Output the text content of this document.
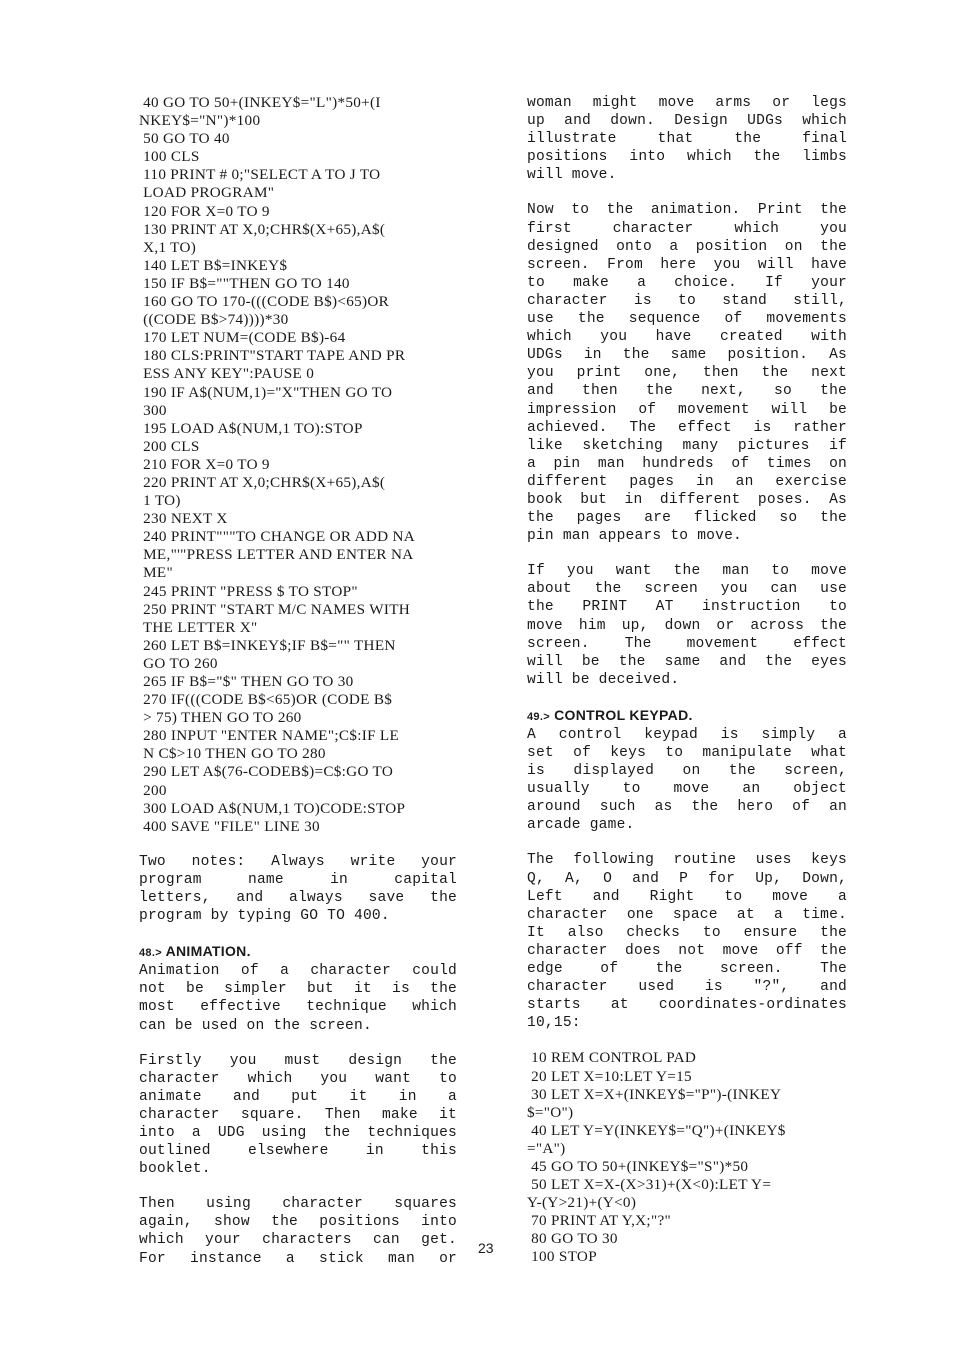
40 GO TO 50+(INKEY$="L")*50+(I
NKEY$="N")*100
50 GO TO 40
100 CLS
110 PRINT # 0;"SELECT A TO J TO
LOAD PROGRAM"
120 FOR X=0 TO 9
130 PRINT AT X,0;CHR$(X+65),A$(
X,1 TO)
140 LET B$=INKEY$
150 IF B$=""THEN GO TO 140
160 GO TO 170-(((CODE B$)<65)OR
((CODE B$>74))))*30
170 LET NUM=(CODE B$)-64
180 CLS:PRINT"START TAPE AND PR
ESS ANY KEY":PAUSE 0
190 IF A$(NUM,1)="X"THEN GO TO
300
195 LOAD A$(NUM,1 TO):STOP
200 CLS
210 FOR X=0 TO 9
220 PRINT AT X,0;CHR$(X+65),A$(
1 TO)
230 NEXT X
240 PRINT"""TO CHANGE OR ADD NA
ME,"'"PRESS LETTER AND ENTER NA
ME"
245 PRINT "PRESS $ TO STOP"
250 PRINT "START M/C NAMES WITH
THE LETTER X"
260 LET B$=INKEY$;IF B$="" THEN
GO TO 260
265 IF B$="$" THEN GO TO 30
270 IF(((CODE B$<65)OR (CODE B$
> 75) THEN GO TO 260
280 INPUT "ENTER NAME";C$:IF LE
N C$>10 THEN GO TO 280
290 LET A$(76-CODEB$)=C$:GO TO
200
300 LOAD A$(NUM,1 TO)CODE:STOP
400 SAVE "FILE" LINE 30
Two notes: Always write your
program name in capital
letters, and always save the
program by typing GO TO 400.
48.> ANIMATION.
Animation of a character could
not be simpler but it is the
most effective technique which
can be used on the screen.
Firstly you must design the
character which you want to
animate and put it in a
character square. Then make it
into a UDG using the techniques
outlined elsewhere in this
booklet.
Then using character squares
again, show the positions into
which your characters can get.
For instance a stick man or
23
woman might move arms or legs
up and down. Design UDGs which
illustrate that the final
positions into which the limbs
will move.
Now to the animation. Print the
first character which you
designed onto a position on the
screen. From here you will have
to make a choice. If your
character is to stand still,
use the sequence of movements
which you have created with
UDGs in the same position. As
you print one, then the next
and then the next, so the
impression of movement will be
achieved. The effect is rather
like sketching many pictures if
a pin man hundreds of times on
different pages in an exercise
book but in different poses. As
the pages are flicked so the
pin man appears to move.
If you want the man to move
about the screen you can use
the PRINT AT instruction to
move him up, down or across the
screen. The movement effect
will be the same and the eyes
will be deceived.
49.> CONTROL KEYPAD.
A control keypad is simply a
set of keys to manipulate what
is displayed on the screen,
usually to move an object
around such as the hero of an
arcade game.
The following routine uses keys
Q, A, O and P for Up, Down,
Left and Right to move a
character one space at a time.
It also checks to ensure the
character does not move off the
edge of the screen. The
character used is "?", and
starts at coordinates-ordinates
10,15:
10 REM CONTROL PAD
20 LET X=10:LET Y=15
30 LET X=X+(INKEY$="P")-(INKEY
$="O")
40 LET Y=Y(INKEY$="Q")+(INKEY$
="A")
45 GO TO 50+(INKEY$="S")*50
50 LET X=X-(X>31)+(X<0):LET Y=
Y-(Y>21)+(Y<0)
70 PRINT AT Y,X;"?"
80 GO TO 30
100 STOP
